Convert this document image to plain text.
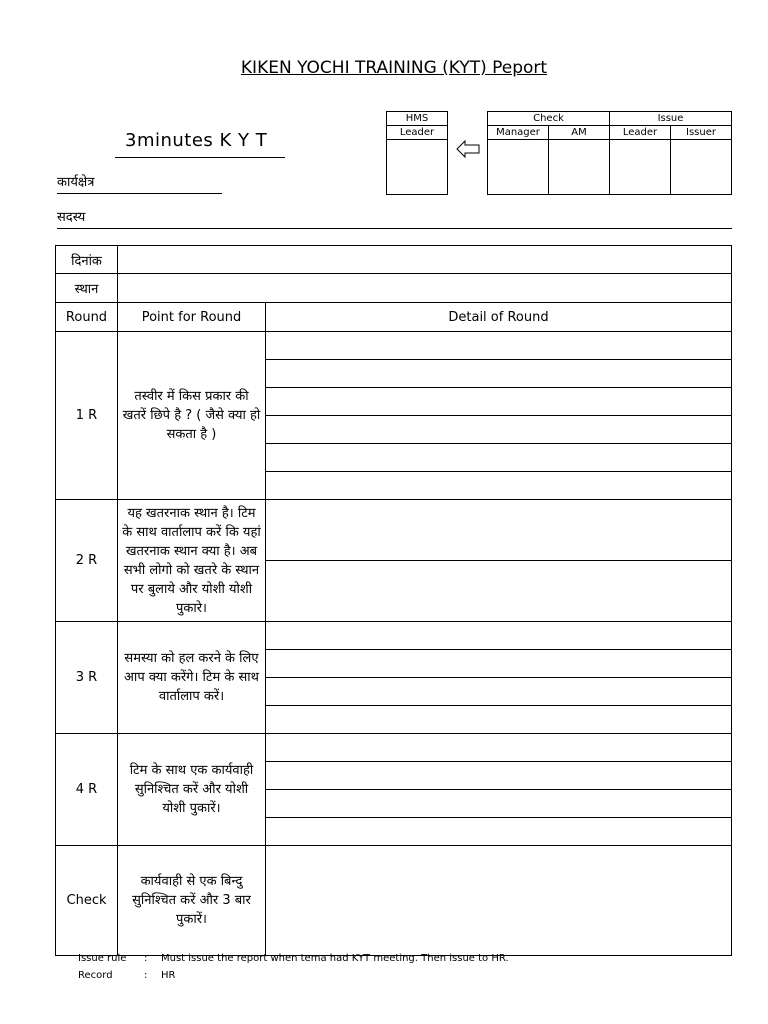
KIKEN YOCHI TRAINING (KYT) Peport
3minutes K Y T
कार्यक्षेत्र
सदस्य
HMS
Leader

Check		Issue	
Manager	AM	Leader	Issuer

दिनांक		
स्थान		
Round	Point for Round	Detail of Round
1 R	तस्वीर में किस प्रकार की खतरें छिपे है ? ( जैसे क्या हो सकता है )	

2 R	यह खतरनाक स्थान है। टिम के साथ वार्तालाप करें कि यहां खतरनाक स्थान क्या है। अब सभी लोगो को खतरे के स्थान पर बुलाये और योशी योशी पुकारे।	

3 R	समस्या को हल करने के लिए आप क्या करेंगे। टिम के साथ वार्तालाप करें।	

4 R	टिम के साथ एक कार्यवाही सुनिश्चित करें और योशी योशी पुकारें।	

Check	कार्यवाही से एक बिन्दु सुनिश्चित करें और 3 बार पुकारें।	
Issue rule : Must issue the report when tema had KYT meeting. Then issue to HR.
Record	: HR
